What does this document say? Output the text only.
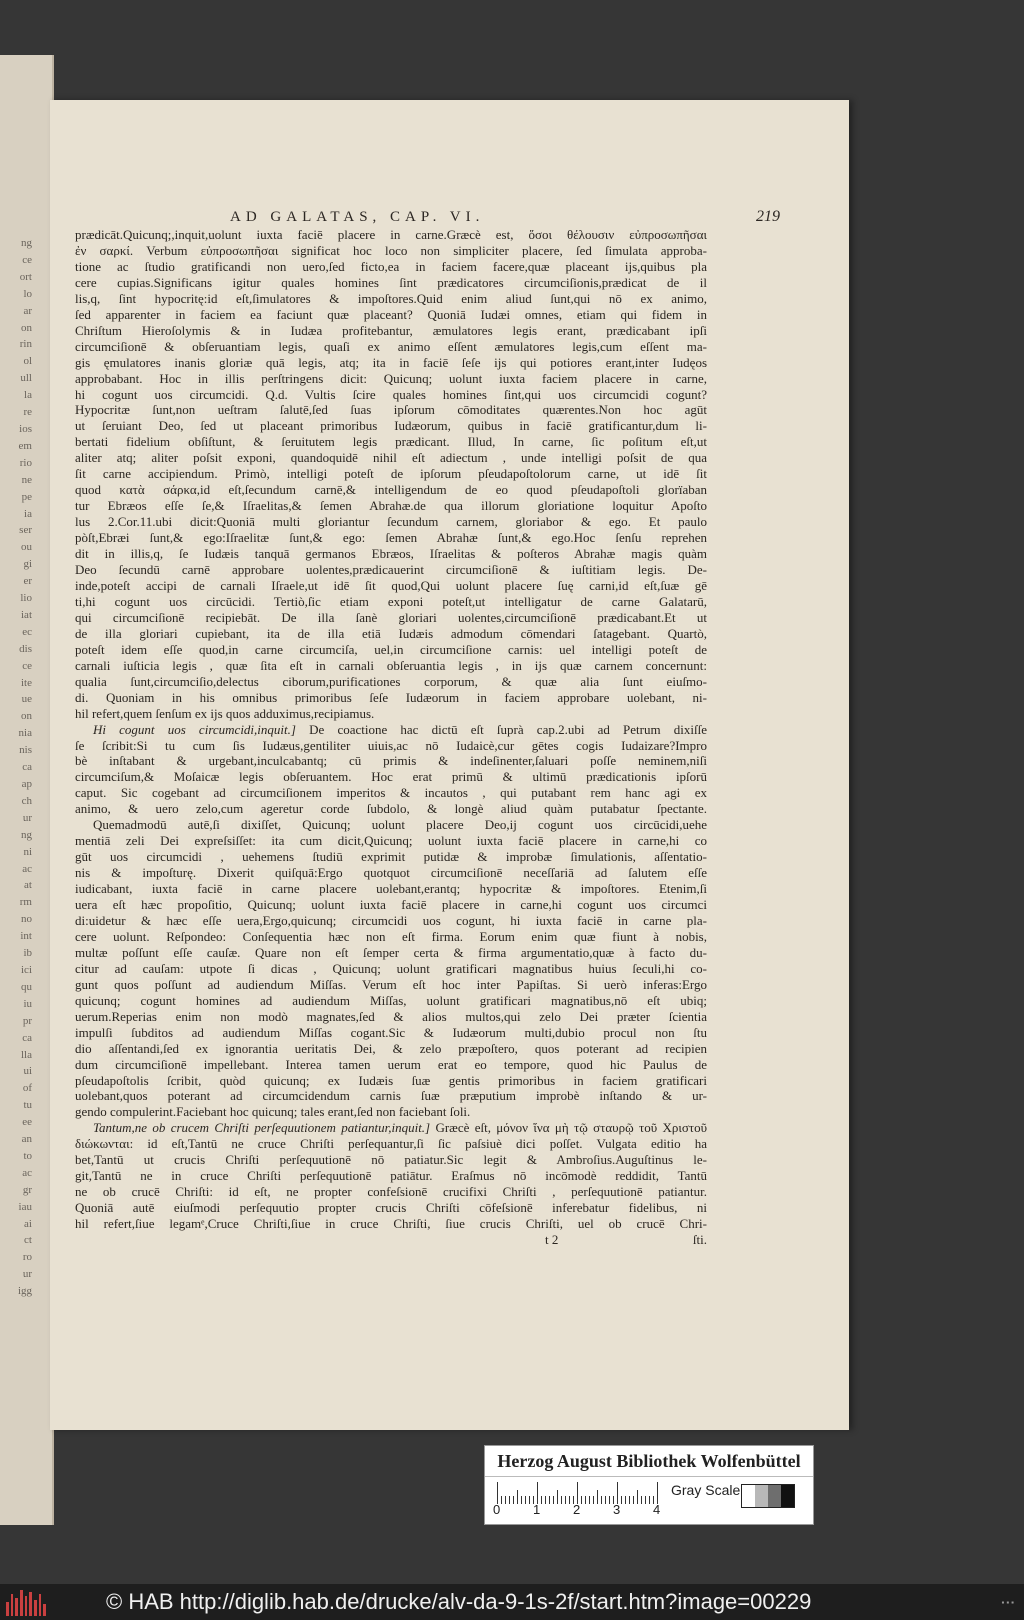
ng
ce
ort
lo
ar
on
rin
ol
ull
la
re
ios
em
rio
ne
pe
ia
ser
ou
gi
er
lio
iat
ec
dis
ce
ite
ue
on
nia
nis
ca
ap
ch
ur
ng
ni
ac
at
rm
no
int
ib
ici
qu
iu
pr
ca
lla
ui
of
tu
ee
an
to
ac
gr
iau
ai
ct
ro
ur
igg
AD GALATAS, CAP. VI.	219
prædicāt.Quicunq;,inquit,uolunt iuxta faciē placere in carne.Græcè est, ὅσοι θέλουσιν εὐπροσωπῆσαι
ἐν σαρκί. Verbum εὐπροσωπῆσαι significat hoc loco non simpliciter placere, ſed ſimulata approba-
tione ac ſtudio gratificandi non uero,ſed ficto,ea in faciem facere,quæ placeant ijs,quibus pla
cere cupias.Significans igitur quales homines ſint prædicatores circumciſionis,prædicat de il
lis,q, ſint hypocritę:id eſt,ſimulatores & impoſtores.Quid enim aliud ſunt,qui nō ex animo,
ſed apparenter in faciem ea faciunt quæ placeant? Quoniā Iudæi omnes, etiam qui fidem in
Chriſtum Hieroſolymis & in Iudæa profitebantur, æmulatores legis erant, prædicabant ipſi
circumciſionē & obſeruantiam legis, quaſi ex animo eſſent æmulatores legis,cum eſſent ma-
gis ęmulatores inanis gloriæ quā legis, atq; ita in faciē ſeſe ijs qui potiores erant,inter Iudęos
approbabant. Hoc in illis perſtringens dicit: Quicunq; uolunt iuxta faciem placere in carne,
hi cogunt uos circumcidi. Q.d. Vultis ſcire quales homines ſint,qui uos circumcidi cogunt?
Hypocritæ ſunt,non ueſtram ſalutē,ſed ſuas ipſorum cōmoditates quærentes.Non hoc agūt
ut ſeruiant Deo, ſed ut placeant primoribus Iudæorum, quibus in faciē gratificantur,dum li-
bertati fidelium obſiſtunt, & ſeruitutem legis prædicant. Illud, In carne, ſic poſitum eſt,ut
aliter atq; aliter poſsit exponi, quandoquidē nihil eſt adiectum , unde intelligi poſsit de qua
ſit carne accipiendum. Primò, intelligi poteſt de ipſorum pſeudapoſtolorum carne, ut idē ſit
quod κατὰ σάρκα,id eſt,ſecundum carnē,& intelligendum de eo quod pſeudapoſtoli glorïaban
tur Ebræos eſſe ſe,& Iſraelitas,& ſemen Abrahæ.de qua illorum gloriatione loquitur Apoſto
lus 2.Cor.11.ubi dicit:Quoniā multi gloriantur ſecundum carnem, gloriabor & ego. Et paulo
pòſt,Ebræi ſunt,& ego:Iſraelitæ ſunt,& ego: ſemen Abrahæ ſunt,& ego.Hoc ſenſu reprehen
dit in illis,q, ſe Iudæis tanquā germanos Ebræos, Iſraelitas & poſteros Abrahæ magis quàm
Deo ſecundū carnē approbare uolentes,prædicauerint circumciſionē & iuſtitiam legis. De-
inde,poteſt accipi de carnali Iſraele,ut idē ſit quod,Qui uolunt placere ſuę carni,id eſt,ſuæ gē
ti,hi cogunt uos circūcidi. Tertiò,ſic etiam exponi poteſt,ut intelligatur de carne Galatarū,
qui circumciſionē recipiebāt. De illa ſanè gloriari uolentes,circumciſionē prædicabant.Et ut
de illa gloriari cupiebant, ita de illa etiā Iudæis admodum cōmendari ſatagebant. Quartò,
poteſt idem eſſe quod,in carne circumciſa, uel,in circumciſione carnis: uel intelligi poteſt de
carnali iuſticia legis , quæ ſita eſt in carnali obſeruantia legis , in ijs quæ carnem concernunt:
qualia ſunt,circumciſio,delectus ciborum,purificationes corporum, & quæ alia ſunt eiuſmo-
di. Quoniam in his omnibus primoribus ſeſe Iudæorum in faciem approbare uolebant, ni-
hil refert,quem ſenſum ex ijs quos adduximus,recipiamus.
Hi cogunt uos circumcidi,inquit.] De coactione hac dictū eſt ſuprà cap.2.ubi ad Petrum dixiſſe
ſe ſcribit:Si tu cum ſis Iudæus,gentiliter uiuis,ac nō Iudaicè,cur gētes cogis Iudaizare?Impro
bè inſtabant & urgebant,inculcabantq; cū primis & indeſinenter,ſaluari poſſe neminem,niſi
circumciſum,& Moſaicæ legis obſeruantem. Hoc erat primū & ultimū prædicationis ipſorū
caput. Sic cogebant ad circumciſionem imperitos & incautos , qui putabant rem hanc agi ex
animo, & uero zelo,cum ageretur corde ſubdolo, & longè aliud quàm putabatur ſpectante.
Quemadmodū autē,ſi dixiſſet, Quicunq; uolunt placere Deo,ij cogunt uos circūcidi,uehe
mentiā zeli Dei expreſsiſſet: ita cum dicit,Quicunq; uolunt iuxta faciē placere in carne,hi co
gūt uos circumcidi , uehemens ſtudiū exprimit putidæ & improbæ ſimulationis, aſſentatio-
nis & impoſturę. Dixerit quiſquā:Ergo quotquot circumciſionē neceſſariā ad ſalutem eſſe
iudicabant, iuxta faciē in carne placere uolebant,erantq; hypocritæ & impoſtores. Etenim,ſi
uera eſt hæc propoſitio, Quicunq; uolunt iuxta faciē placere in carne,hi cogunt uos circumci
di:uidetur & hæc eſſe uera,Ergo,quicunq; circumcidi uos cogunt, hi iuxta faciē in carne pla-
cere uolunt. Reſpondeo: Conſequentia hæc non eſt firma. Eorum enim quæ fiunt à nobis,
multæ poſſunt eſſe cauſæ. Quare non eſt ſemper certa & firma argumentatio,quæ à facto du-
citur ad cauſam: utpote ſi dicas , Quicunq; uolunt gratificari magnatibus huius ſeculi,hi co-
gunt quos poſſunt ad audiendum Miſſas. Verum eſt hoc inter Papiſtas. Si uerò inferas:Ergo
quicunq; cogunt homines ad audiendum Miſſas, uolunt gratificari magnatibus,nō eſt ubiq;
uerum.Reperias enim non modò magnates,ſed & alios multos,qui zelo Dei præter ſcientia
impulſi ſubditos ad audiendum Miſſas cogant.Sic & Iudæorum multi,dubio procul non ſtu
dio aſſentandi,ſed ex ignorantia ueritatis Dei, & zelo præpoſtero, quos poterant ad recipien
dum circumciſionē impellebant. Interea tamen uerum erat eo tempore, quod hic Paulus de
pſeudapoſtolis ſcribit, quòd quicunq; ex Iudæis ſuæ gentis primoribus in faciem gratificari
uolebant,quos poterant ad circumcidendum carnis ſuæ præputium improbè inſtando & ur-
gendo compulerint.Faciebant hoc quicunq; tales erant,ſed non faciebant ſoli.
Tantum,ne ob crucem Chriſti perſequutionem patiantur,inquit.] Græcè eſt, μόνον ἵνα μὴ τῷ σταυρῷ τοῦ Χριστοῦ
διώκωνται: id eſt,Tantū ne cruce Chriſti perſequantur,ſi ſic paſsiuè dici poſſet. Vulgata editio ha
bet,Tantū ut crucis Chriſti perſequutionē nō patiatur.Sic legit & Ambroſius.Auguſtinus le-
git,Tantū ne in cruce Chriſti perſequutionē patiātur. Eraſmus nō incōmodè reddidit, Tantū
ne ob crucē Chriſti: id eſt, ne propter confeſsionē crucifixi Chriſti , perſequutionē patiantur.
Quoniā autē eiuſmodi perſequutio propter crucis Chriſti cōfeſsionē inferebatur fidelibus, ni
hil refert,ſiue legamᵉ,Cruce Chriſti,ſiue in cruce Chriſti, ſiue crucis Chriſti, uel ob crucē Chri-
t 2	ſti.
Herzog August Bibliothek Wolfenbüttel
0	1	2	3	4
Gray Scale
© HAB http://diglib.hab.de/drucke/alv-da-9-1s-2f/start.htm?image=00229	▪▪▪
